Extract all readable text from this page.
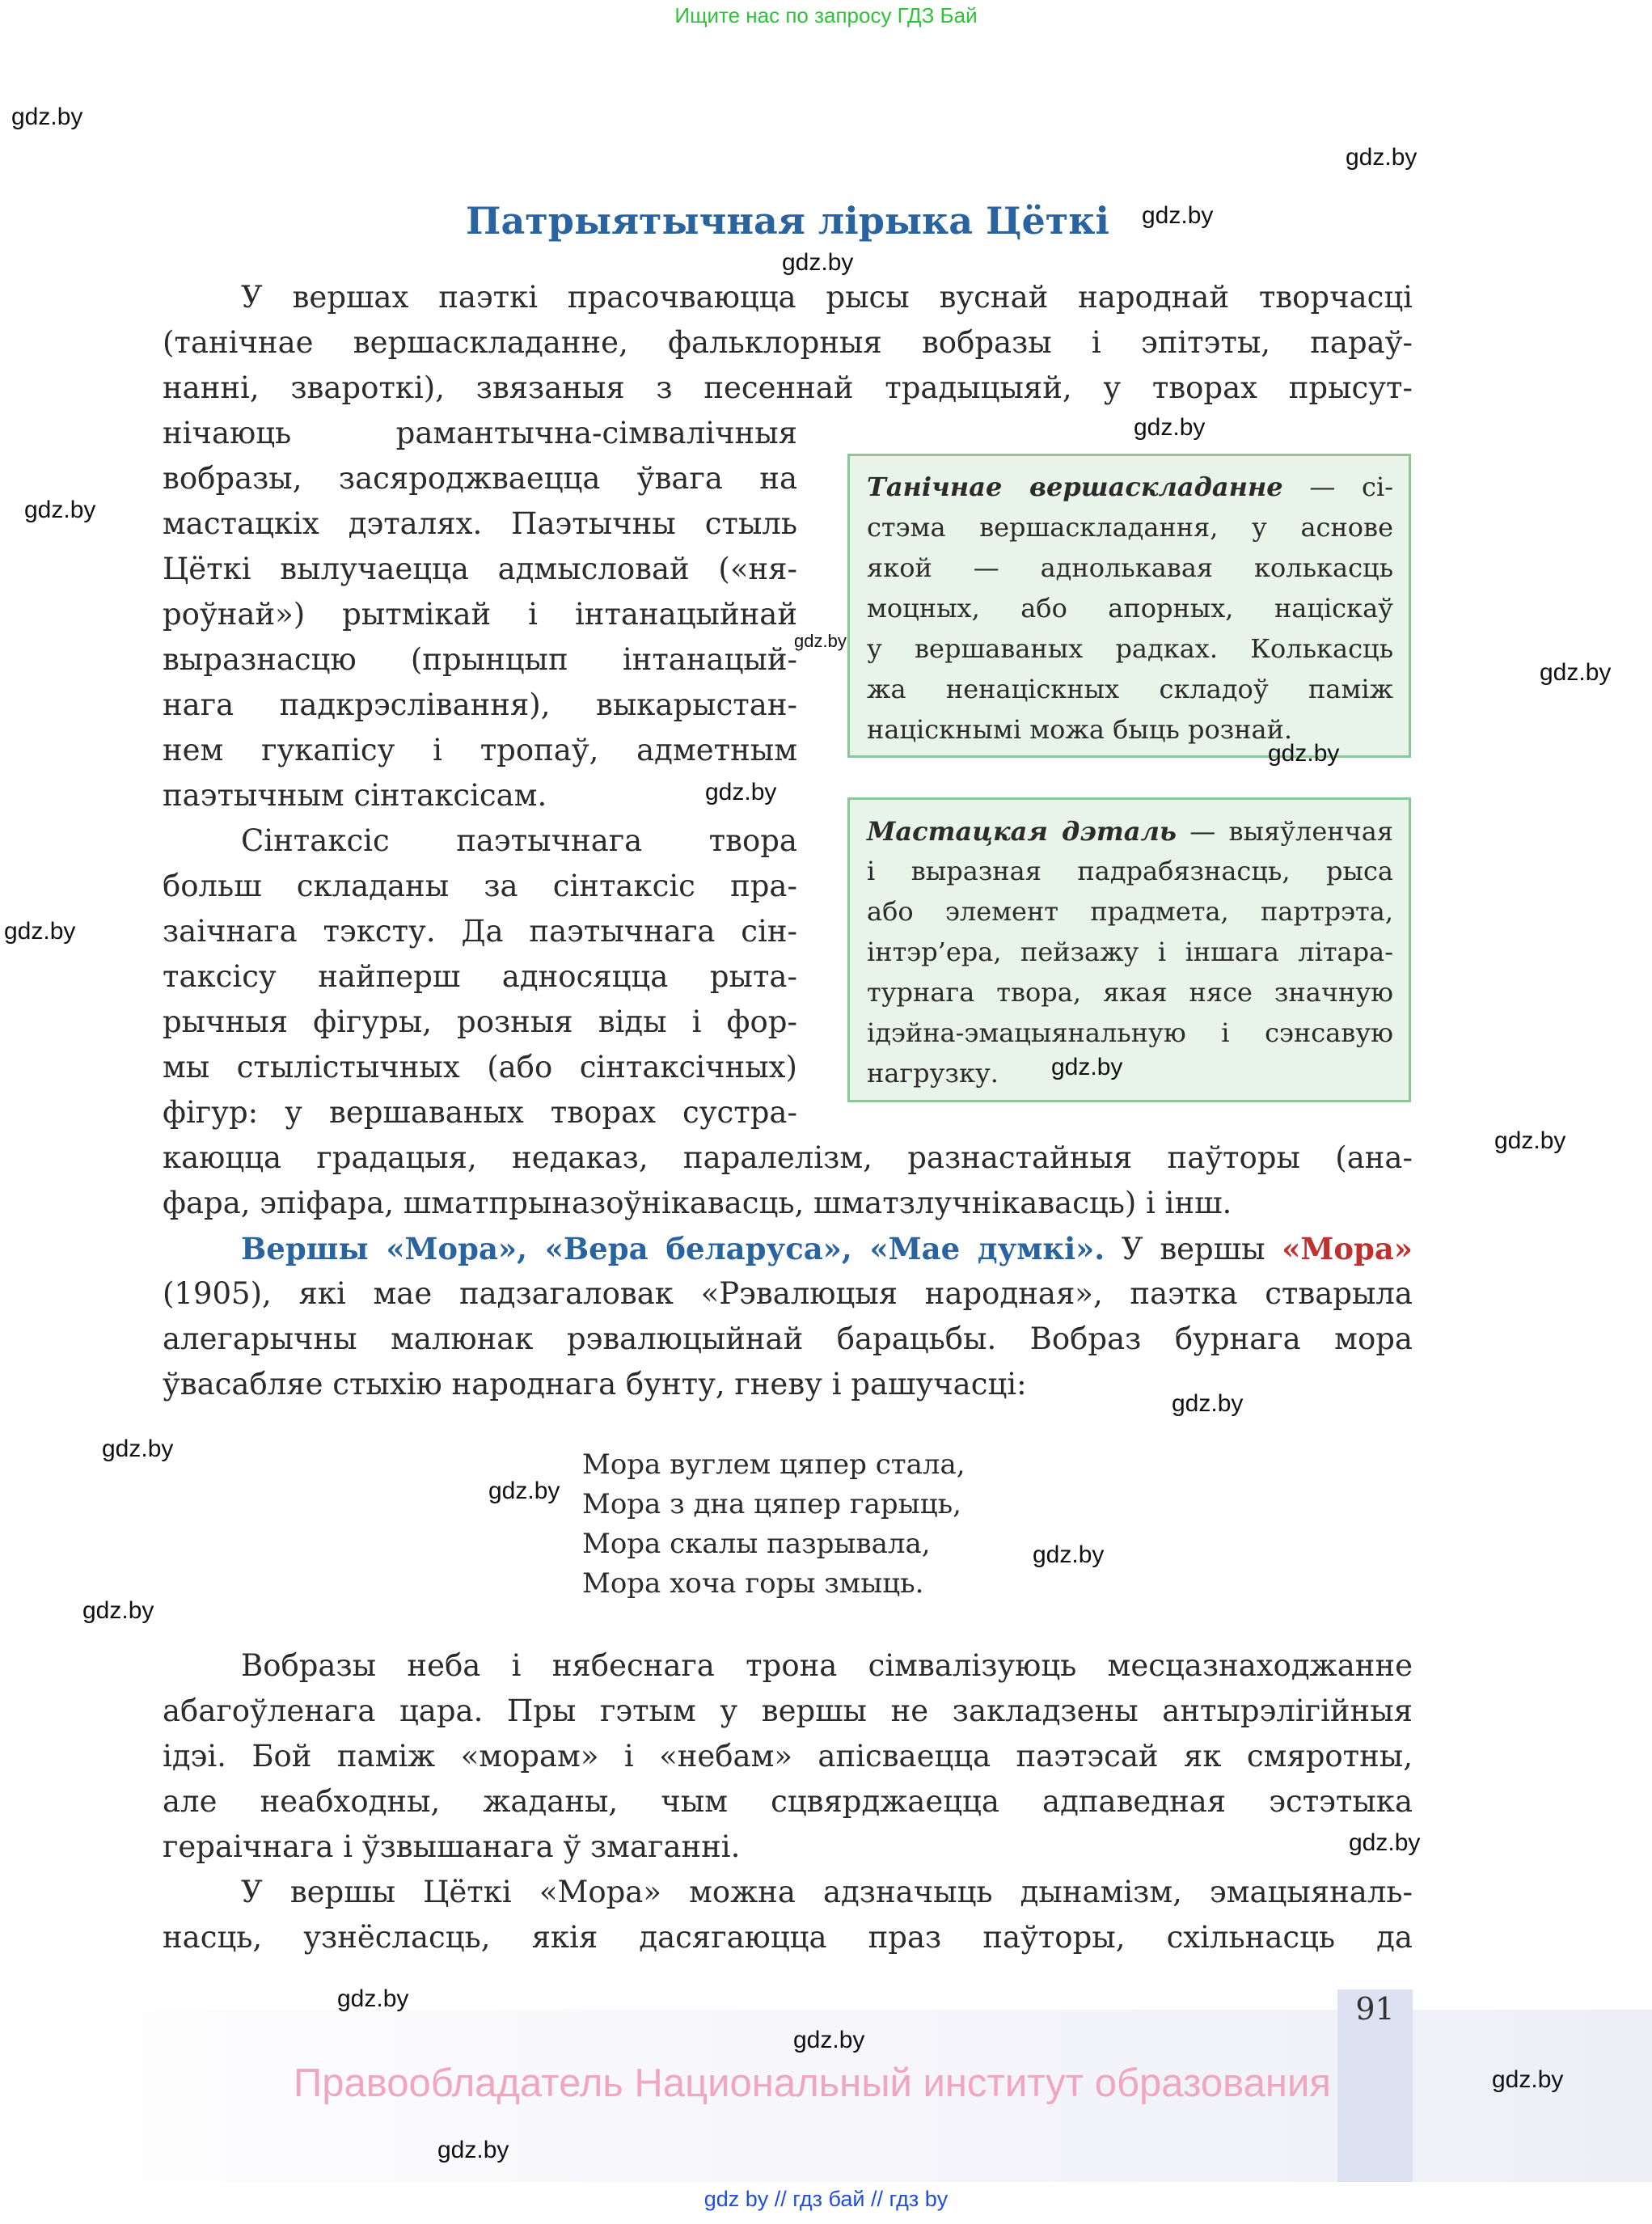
Ищите нас по запросу ГДЗ Бай
Патрыятычная лірыка Цёткі
У вершах паэткі прасочваюцца рысы вуснай народнай творчасці
(танічнае вершаскладанне, фальклорныя вобразы і эпітэты, параў-
нанні, звароткі), звязаныя з песеннай традыцыяй, у творах прысут-
нічаюць рамантычна-сімвалічныя
вобразы, засяроджваецца ўвага на
мастацкіх дэталях. Паэтычны стыль
Цёткі вылучаецца адмысловай («ня-
роўнай») рытмікай і інтанацыйнай
выразнасцю (прынцып інтанацый-
нага падкрэслівання), выкарыстан-
нем гукапісу і тропаў, адметным
паэтычным сінтаксісам.
Сінтаксіс паэтычнага твора
больш складаны за сінтаксіс пра-
заічнага тэксту. Да паэтычнага сін-
таксісу найперш адносяцца рыта-
рычныя фігуры, розныя віды і фор-
мы стылістычных (або сінтаксічных)
фігур: у вершаваных творах сустра-
каюцца градацыя, недаказ, паралелізм, разнастайныя паўторы (ана-
фара, эпіфара, шматпрыназоўнікавасць, шматзлучнікавасць) і інш.
(1905), які мае падзагаловак «Рэвалюцыя народная», паэтка стварыла
алегарычны малюнак рэвалюцыйнай барацьбы. Вобраз бурнага мора
ўвасабляе стыхію народнага бунту, гневу і рашучасці:
Вобразы неба і нябеснага трона сімвалізуюць месцазнаходжанне
абагоўленага цара. Пры гэтым у вершы не закладзены антырэлігійныя
ідэі. Бой паміж «морам» і «небам» апісваецца паэтэсай як смяротны,
але неабходны, жаданы, чым сцвярджаецца адпаведная эстэтыка
гераічнага і ўзвышанага ў змаганні.
У вершы Цёткі «Мора» можна адзначыць дынамізм, эмацыяналь-
насць, узнёсласць, якія дасягаюцца праз паўторы, схільнасць да
Танічнае вершаскладанне — сі-
стэма вершаскладання, у аснове
якой — аднолькавая колькасць
моцных, або апорных, націскаў
у вершаваных радках. Колькасць
жа ненаціскных складоў паміж
націскнымі можа быць рознай.
Мастацкая дэталь — выяўленчая
і выразная падрабязнасць, рыса
або элемент прадмета, партрэта,
інтэр’ера, пейзажу і іншага літара-
турнага твора, якая нясе значную
ідэйна-эмацыянальную і сэнсавую
нагрузку.
Вершы «Мора», «Вера беларуса», «Мае думкі». У вершы «Мора»
Мора вуглем цяпер стала,
Мора з дна цяпер гарыць,
Мора скалы пазрывала,
Мора хоча горы змыць.
91
Правообладатель Национальный институт образования
gdz by // гдз бай // гдз by
gdz.by
gdz.by
gdz.by
gdz.by
gdz.by
gdz.by
gdz.by
gdz.by
gdz.by
gdz.by
gdz.by
gdz.by
gdz.by
gdz.by
gdz.by
gdz.by
gdz.by
gdz.by
gdz.by
gdz.by
gdz.by
gdz.by
gdz.by
